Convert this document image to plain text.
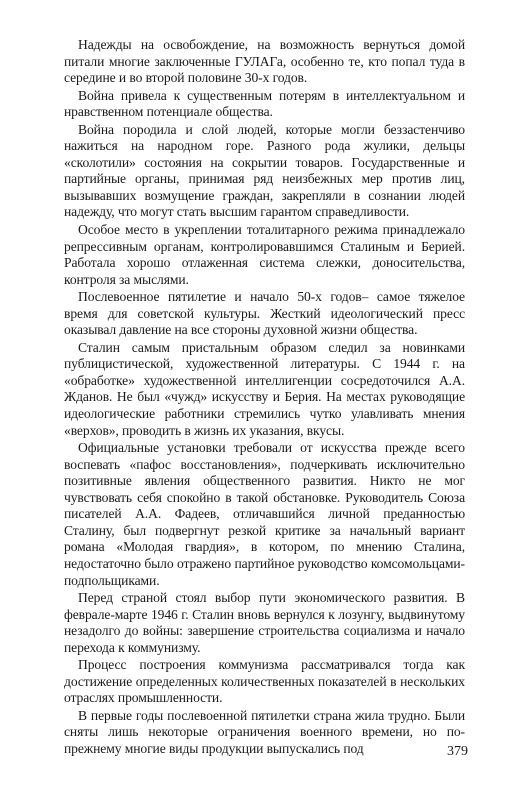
Надежды на освобождение, на возможность вернуться домой питали многие заключенные ГУЛАГа, особенно те, кто попал туда в середине и во второй половине 30-х годов.

Война привела к существенным потерям в интеллектуальном и нравственном потенциале общества.

Война породила и слой людей, которые могли беззастенчиво нажиться на народном горе. Разного рода жулики, дельцы «сколотили» состояния на сокрытии товаров. Государственные и партийные органы, принимая ряд неизбежных мер против лиц, вызывавших возмущение граждан, закрепляли в сознании людей надежду, что могут стать высшим гарантом справедливости.

Особое место в укреплении тоталитарного режима принадлежало репрессивным органам, контролировавшимся Сталиным и Берией. Работала хорошо отлаженная система слежки, доносительства, контроля за мыслями.

Послевоенное пятилетие и начало 50-х годов– самое тяжелое время для советской культуры. Жесткий идеологический пресс оказывал давление на все стороны духовной жизни общества.

Сталин самым пристальным образом следил за новинками публицистической, художественной литературы. С 1944 г. на «обработке» художественной интеллигенции сосредоточился А.А. Жданов. Не был «чужд» искусству и Берия. На местах руководящие идеологические работники стремились чутко улавливать мнения «верхов», проводить в жизнь их указания, вкусы.

Официальные установки требовали от искусства прежде всего воспевать «пафос восстановления», подчеркивать исключительно позитивные явления общественного развития. Никто не мог чувствовать себя спокойно в такой обстановке. Руководитель Союза писателей А.А. Фадеев, отличавшийся личной преданностью Сталину, был подвергнут резкой критике за начальный вариант романа «Молодая гвардия», в котором, по мнению Сталина, недостаточно было отражено партийное руководство комсомольцами-подпольщиками.

Перед страной стоял выбор пути экономического развития. В феврале-марте 1946 г. Сталин вновь вернулся к лозунгу, выдвинутому незадолго до войны: завершение строительства социализма и начало перехода к коммунизму.

Процесс построения коммунизма рассматривался тогда как достижение определенных количественных показателей в нескольких отраслях промышленности.

В первые годы послевоенной пятилетки страна жила трудно. Были сняты лишь некоторые ограничения военного времени, но по-прежнему многие виды продукции выпускались под	379
